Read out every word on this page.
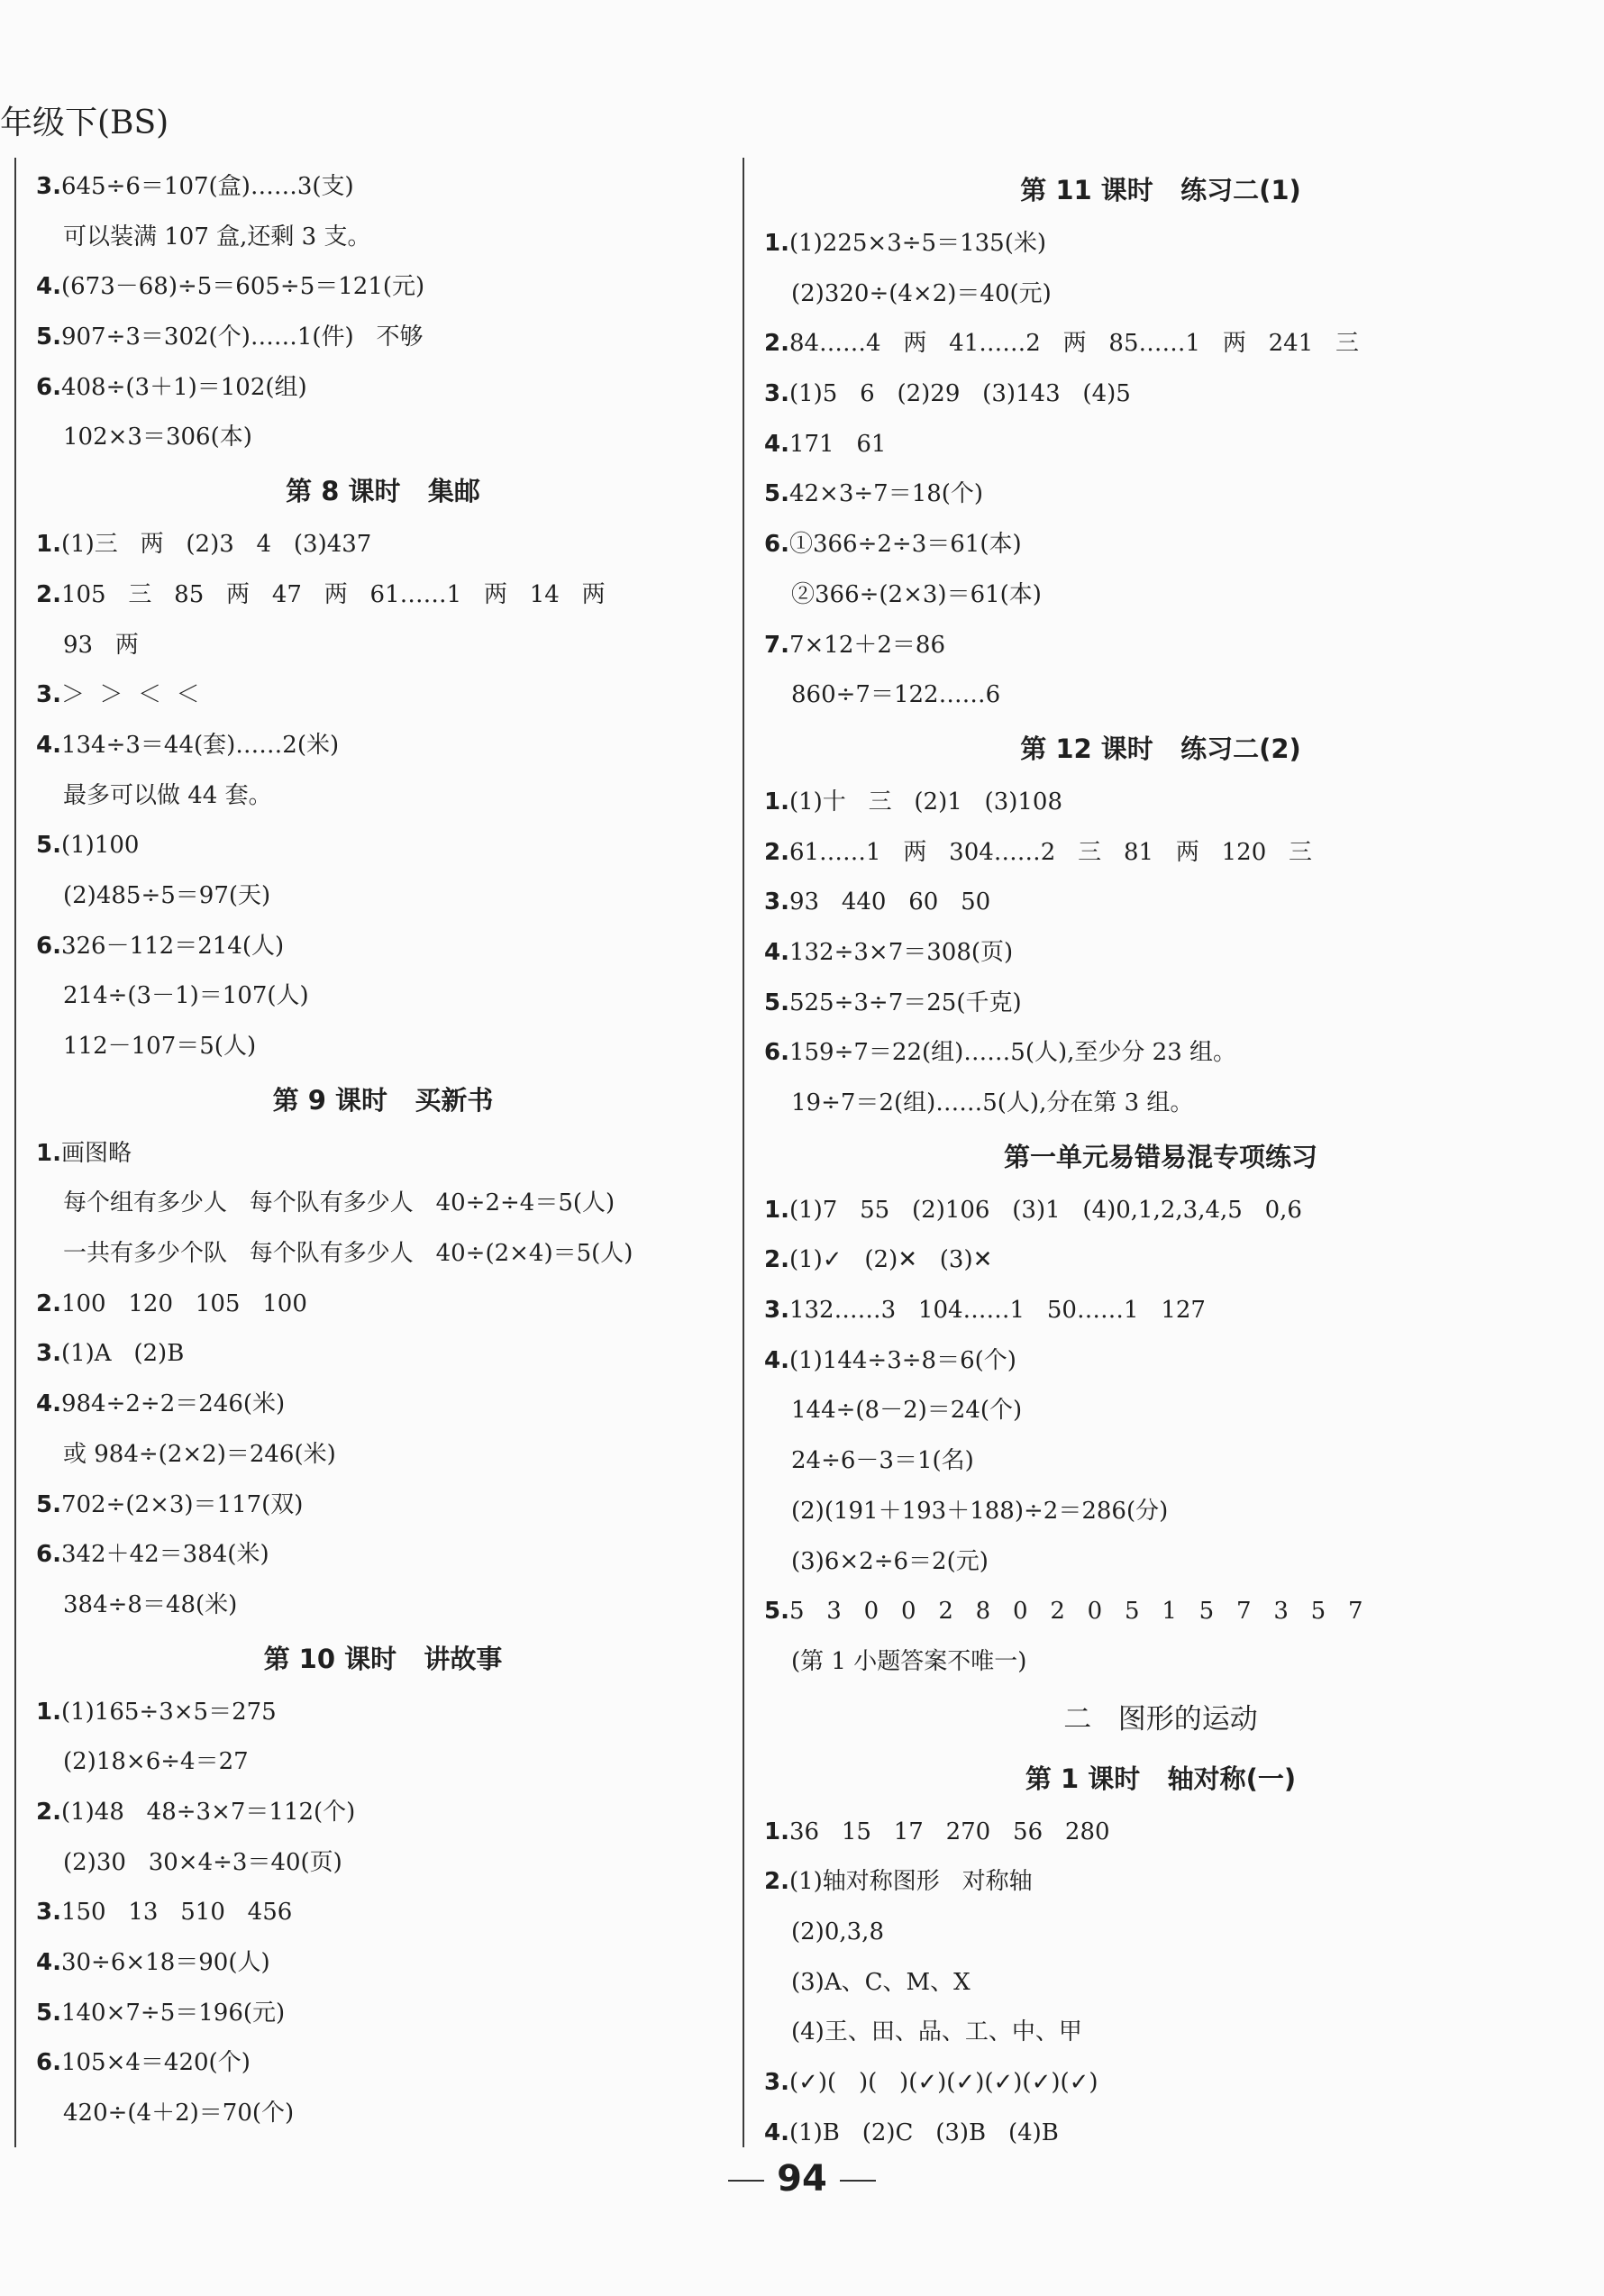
年级下(BS)
3.645÷6＝107(盒)……3(支)
可以装满 107 盒,还剩 3 支。
4.(673－68)÷5＝605÷5＝121(元)
5.907÷3＝302(个)……1(件)   不够
6.408÷(3＋1)＝102(组)
102×3＝306(本)
第 8 课时   集邮
1.(1)三   两   (2)3   4   (3)437
2.105   三   85   两   47   两   61……1   两   14   两
93   两
3.＞  ＞  ＜  ＜
4.134÷3＝44(套)……2(米)
最多可以做 44 套。
5.(1)100
(2)485÷5＝97(天)
6.326－112＝214(人)
214÷(3－1)＝107(人)
112－107＝5(人)
第 9 课时   买新书
1.画图略
每个组有多少人   每个队有多少人   40÷2÷4＝5(人)
一共有多少个队   每个队有多少人   40÷(2×4)＝5(人)
2.100   120   105   100
3.(1)A   (2)B
4.984÷2÷2＝246(米)
或 984÷(2×2)＝246(米)
5.702÷(2×3)＝117(双)
6.342＋42＝384(米)
384÷8＝48(米)
第 10 课时   讲故事
1.(1)165÷3×5＝275
(2)18×6÷4＝27
2.(1)48   48÷3×7＝112(个)
(2)30   30×4÷3＝40(页)
3.150   13   510   456
4.30÷6×18＝90(人)
5.140×7÷5＝196(元)
6.105×4＝420(个)
420÷(4＋2)＝70(个)
第 11 课时   练习二(1)
1.(1)225×3÷5＝135(米)
(2)320÷(4×2)＝40(元)
2.84……4   两   41……2   两   85……1   两   241   三
3.(1)5   6   (2)29   (3)143   (4)5
4.171   61
5.42×3÷7＝18(个)
6.①366÷2÷3＝61(本)
②366÷(2×3)＝61(本)
7.7×12＋2＝86
860÷7＝122……6
第 12 课时   练习二(2)
1.(1)十   三   (2)1   (3)108
2.61……1   两   304……2   三   81   两   120   三
3.93   440   60   50
4.132÷3×7＝308(页)
5.525÷3÷7＝25(千克)
6.159÷7＝22(组)……5(人),至少分 23 组。
19÷7＝2(组)……5(人),分在第 3 组。
第一单元易错易混专项练习
1.(1)7   55   (2)106   (3)1   (4)0,1,2,3,4,5   0,6
2.(1)✓   (2)✕   (3)✕
3.132……3   104……1   50……1   127
4.(1)144÷3÷8＝6(个)
144÷(8－2)＝24(个)
24÷6－3＝1(名)
(2)(191＋193＋188)÷2＝286(分)
(3)6×2÷6＝2(元)
5.5   3   0   0   2   8   0   2   0   5   1   5   7   3   5   7
(第 1 小题答案不唯一)
二   图形的运动
第 1 课时   轴对称(一)
1.36   15   17   270   56   280
2.(1)轴对称图形   对称轴
(2)0,3,8
(3)A、C、M、X
(4)王、田、品、工、中、甲
3.(✓)(   )(   )(✓)(✓)(✓)(✓)(✓)
4.(1)B   (2)C   (3)B   (4)B
94
